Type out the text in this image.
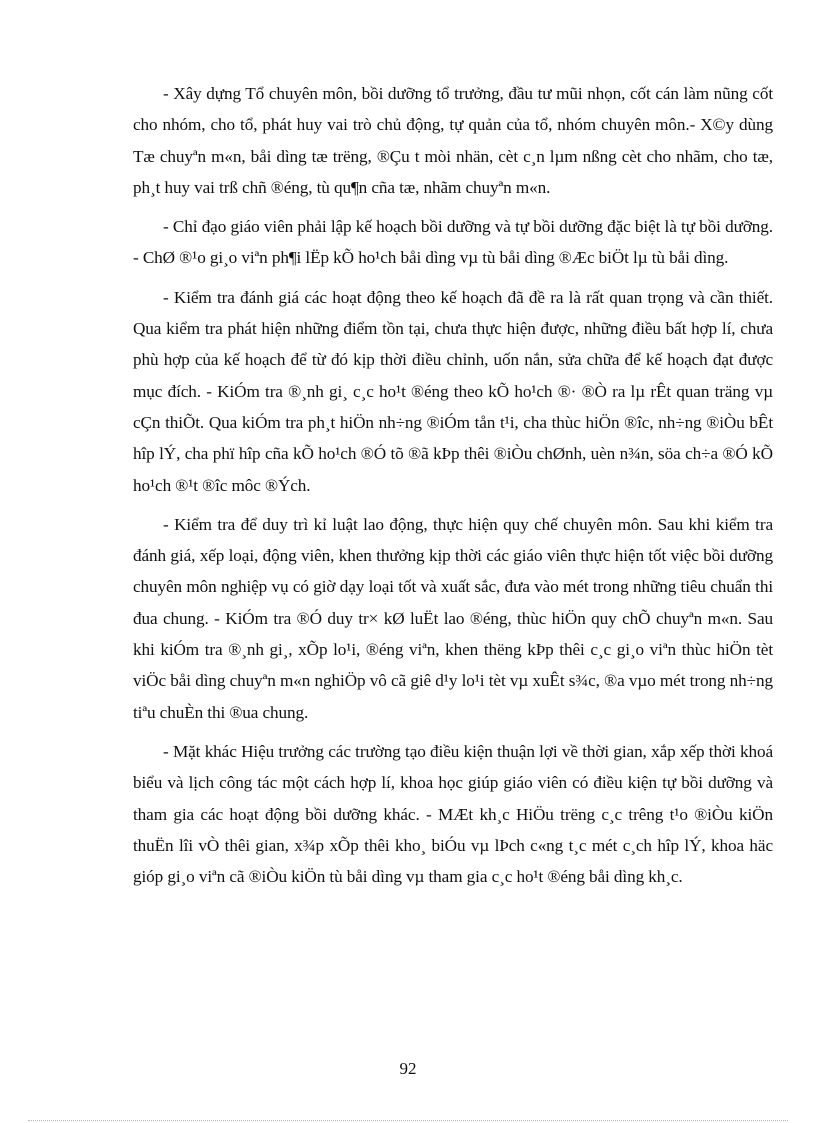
- Xây dựng Tổ chuyên môn, bồi dưỡng tổ trưởng, đầu tư mũi nhọn, cốt cán làm nũng cốt cho nhóm, cho tổ, phát huy vai trò chủ động, tự quản của tổ, nhóm chuyên môn.- X©y dùng Tæ chuyªn m«n, båi dìng tæ trëng, ®Çu t mòi nhän, cèt c¸n lµm nßng cèt cho nhãm, cho tæ, ph¸t huy vai trß chñ ®éng, tù qu¶n cña tæ, nhãm chuyªn m«n.

- Chỉ đạo giáo viên phải lập kế hoạch bồi dưỡng và tự bồi dưỡng đặc biệt là tự bồi dưỡng. - ChØ ®¹o gi¸o viªn ph¶i lËp kÕ ho¹ch båi dìng vµ tù båi dìng ®Æc biÖt lµ tù båi dìng.

- Kiểm tra đánh giá các hoạt động theo kế hoạch đã đề ra là rất quan trọng và cần thiết. Qua kiểm tra phát hiện những điểm tồn tại, chưa thực hiện được, những điều bất hợp lí, chưa phù hợp của kế hoạch để từ đó kịp thời điều chỉnh, uốn nắn, sửa chữa để kế hoạch đạt được mục đích. - KiÓm tra ®¸nh gi¸ c¸c ho¹t ®éng theo kÕ ho¹ch ®· ®Ò ra lµ rÊt quan träng vµ cÇn thiÕt. Qua kiÓm tra ph¸t hiÖn nh÷ng ®iÓm tån t¹i, cha thùc hiÖn ®îc, nh÷ng ®iÒu bÊt hîp lÝ, cha phï hîp cña kÕ ho¹ch ®Ó tõ ®ã kÞp thêi ®iÒu chØnh, uèn n¾n, söa ch÷a ®Ó kÕ ho¹ch ®¹t ®îc môc ®Ých.

- Kiểm tra để duy trì kỉ luật lao động, thực hiện quy chế chuyên môn. Sau khi kiểm tra đánh giá, xếp loại, động viên, khen thưởng kịp thời các giáo viên thực hiện tốt việc bồi dưỡng chuyên môn nghiệp vụ có giờ dạy loại tốt và xuất sắc, đưa vào mét trong những tiêu chuẩn thi đua chung. - KiÓm tra ®Ó duy tr× kØ luËt lao ®éng, thùc hiÖn quy chÕ chuyªn m«n. Sau khi kiÓm tra ®¸nh gi¸, xÕp lo¹i, ®éng viªn, khen thëng kÞp thêi c¸c gi¸o viªn thùc hiÖn tèt viÖc båi dìng chuyªn m«n nghiÖp vô cã giê d¹y lo¹i tèt vµ xuÊt s¾c, ®a vµo mét trong nh÷ng tiªu chuÈn thi ®ua chung.

- Mặt khác Hiệu trưởng các trường tạo điều kiện thuận lợi về thời gian, xắp xếp thời khoá biểu và lịch công tác một cách hợp lí, khoa học giúp giáo viên có điều kiện tự bồi dưỡng và tham gia các hoạt động bồi dưỡng khác. - MÆt kh¸c HiÖu trëng c¸c trêng t¹o ®iÒu kiÖn thuËn lîi vÒ thêi gian, x¾p xÕp thêi kho¸ biÓu vµ lÞch c«ng t¸c mét c¸ch hîp lÝ, khoa häc gióp gi¸o viªn cã ®iÒu kiÖn tù båi dìng vµ tham gia c¸c ho¹t ®éng båi dìng kh¸c.

92
